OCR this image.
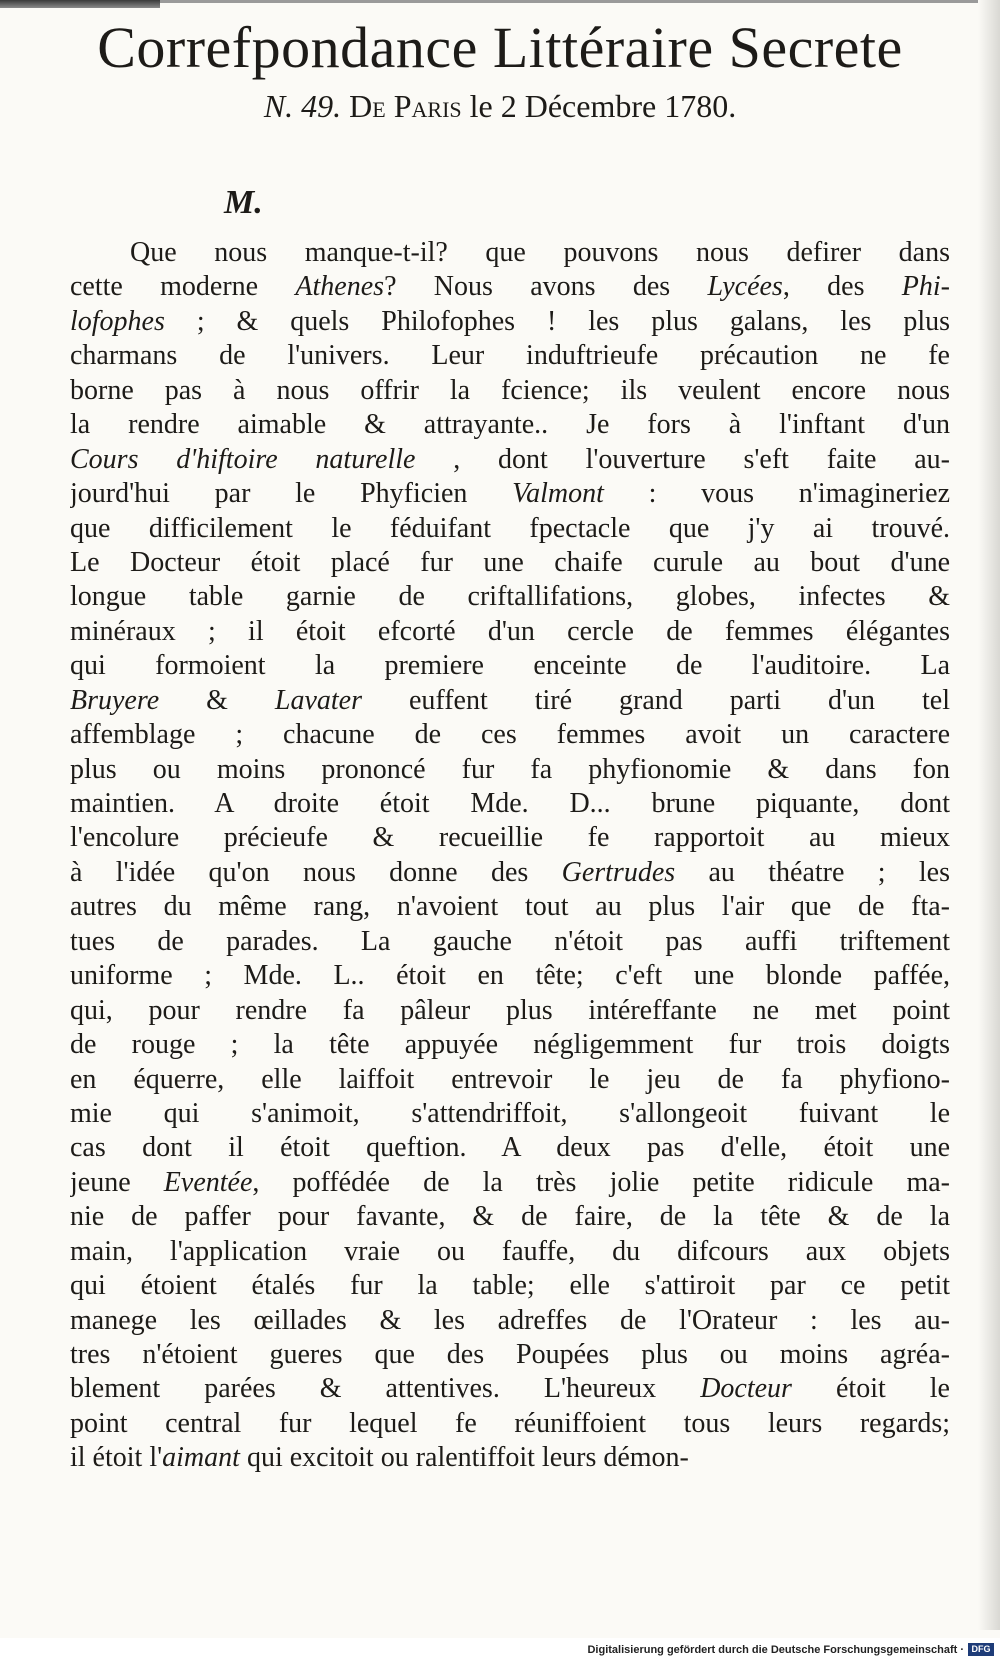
Correfpondance Littéraire Secrete
N. 49. De Paris le 2 Décembre 1780.
M.
Que nous manque-t-il? que pouvons nous defirer dans
cette moderne Athenes? Nous avons des Lycées, des Phi-
lofophes ; & quels Philofophes ! les plus galans, les plus
charmans de l'univers. Leur induftrieufe précaution ne fe
borne pas à nous offrir la fcience; ils veulent encore nous
la rendre aimable & attrayante.. Je fors à l'inftant d'un
Cours d'hiftoire naturelle , dont l'ouverture s'eft faite au-
jourd'hui par le Phyficien Valmont : vous n'imagineriez
que difficilement le féduifant fpectacle que j'y ai trouvé.
Le Docteur étoit placé fur une chaife curule au bout d'une
longue table garnie de criftallifations, globes, infectes &
minéraux ; il étoit efcorté d'un cercle de femmes élégantes
qui formoient la premiere enceinte de l'auditoire. La
Bruyere & Lavater euffent tiré grand parti d'un tel
affemblage ; chacune de ces femmes avoit un caractere
plus ou moins prononcé fur fa phyfionomie & dans fon
maintien. A droite étoit Mde. D... brune piquante, dont
l'encolure précieufe & recueillie fe rapportoit au mieux
à l'idée qu'on nous donne des Gertrudes au théatre ; les
autres du même rang, n'avoient tout au plus l'air que de fta-
tues de parades. La gauche n'étoit pas auffi triftement
uniforme ; Mde. L.. étoit en tête; c'eft une blonde paffée,
qui, pour rendre fa pâleur plus intéreffante ne met point
de rouge ; la tête appuyée négligemment fur trois doigts
en équerre, elle laiffoit entrevoir le jeu de fa phyfiono-
mie qui s'animoit, s'attendriffoit, s'allongeoit fuivant le
cas dont il étoit queftion. A deux pas d'elle, étoit une
jeune Eventée, poffédée de la très jolie petite ridicule ma-
nie de paffer pour favante, & de faire, de la tête & de la
main, l'application vraie ou fauffe, du difcours aux objets
qui étoient étalés fur la table; elle s'attiroit par ce petit
manege les œillades & les adreffes de l'Orateur : les au-
tres n'étoient gueres que des Poupées plus ou moins agréa-
blement parées & attentives. L'heureux Docteur étoit le
point central fur lequel fe réuniffoient tous leurs regards;
il étoit l'aimant qui excitoit ou ralentiffoit leurs démon-
Digitalisierung gefördert durch die Deutsche Forschungsgemeinschaft · DFG
